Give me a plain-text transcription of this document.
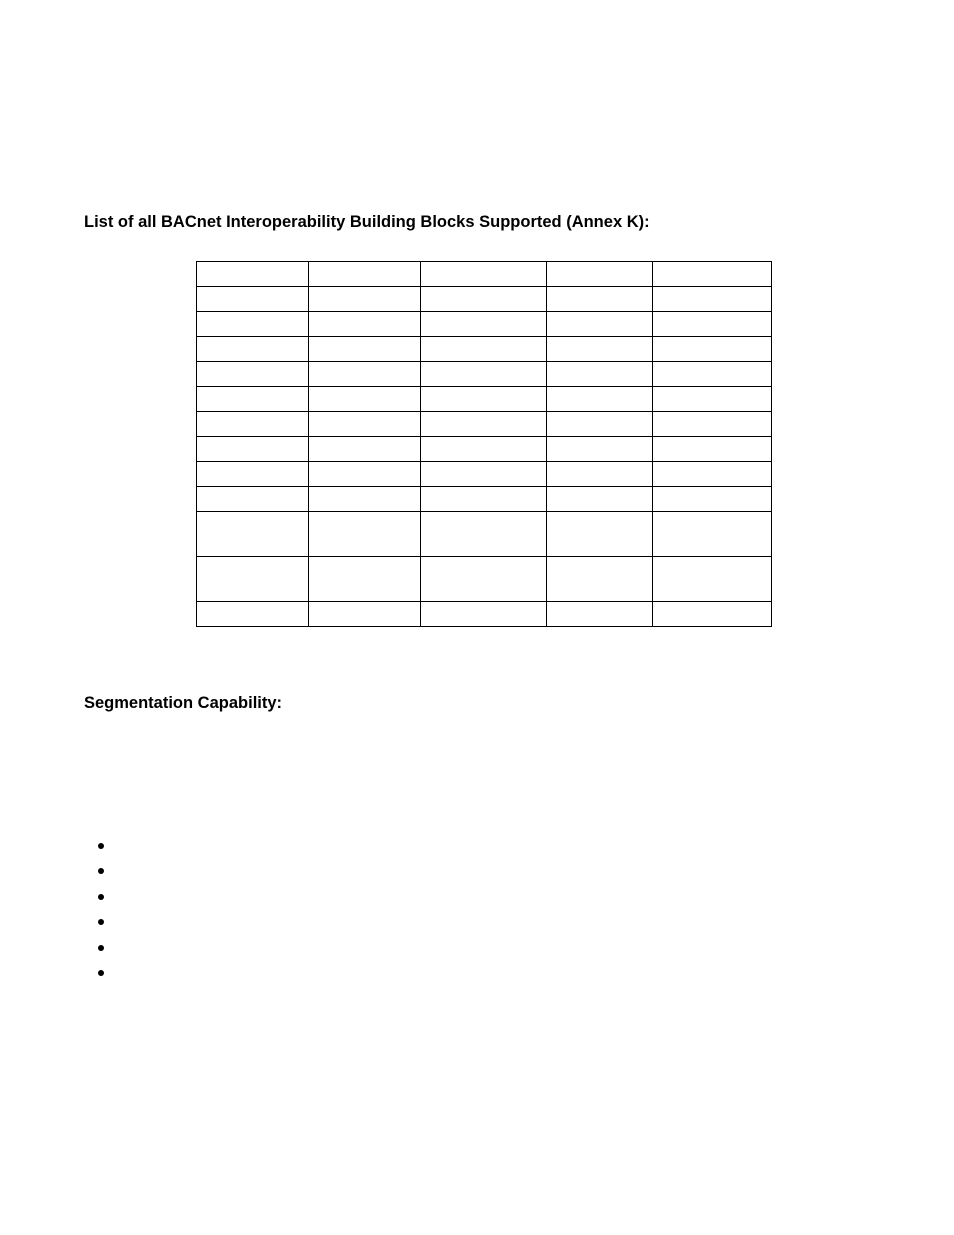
List of all BACnet Interoperability Building Blocks Supported (Annex K):

Segmentation Capability:
